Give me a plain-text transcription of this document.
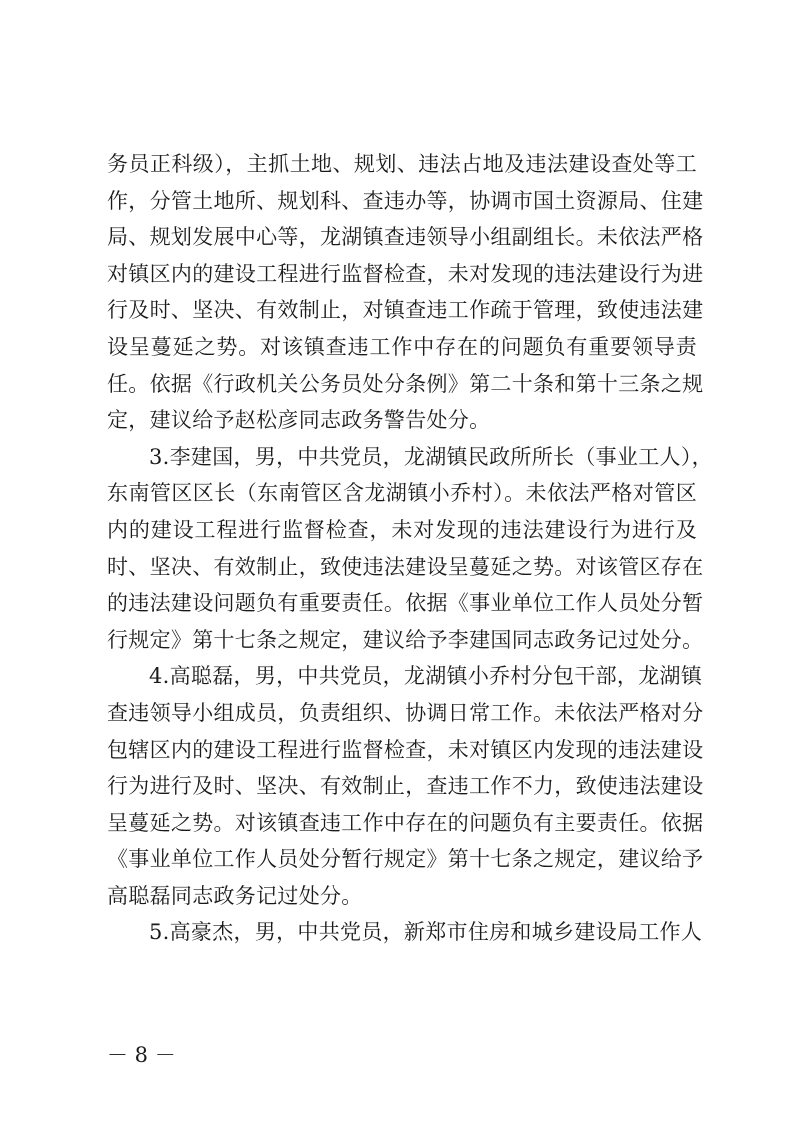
务员正科级），主抓土地、规划、违法占地及违法建设查处等工
作，分管土地所、规划科、查违办等，协调市国土资源局、住建
局、规划发展中心等，龙湖镇查违领导小组副组长。未依法严格
对镇区内的建设工程进行监督检查，未对发现的违法建设行为进
行及时、坚决、有效制止，对镇查违工作疏于管理，致使违法建
设呈蔓延之势。对该镇查违工作中存在的问题负有重要领导责
任。依据《行政机关公务员处分条例》第二十条和第十三条之规
定，建议给予赵松彦同志政务警告处分。
3.李建国，男，中共党员，龙湖镇民政所所长（事业工人），
东南管区区长（东南管区含龙湖镇小乔村）。未依法严格对管区
内的建设工程进行监督检查，未对发现的违法建设行为进行及
时、坚决、有效制止，致使违法建设呈蔓延之势。对该管区存在
的违法建设问题负有重要责任。依据《事业单位工作人员处分暂
行规定》第十七条之规定，建议给予李建国同志政务记过处分。
4.高聪磊，男，中共党员，龙湖镇小乔村分包干部，龙湖镇
查违领导小组成员，负责组织、协调日常工作。未依法严格对分
包辖区内的建设工程进行监督检查，未对镇区内发现的违法建设
行为进行及时、坚决、有效制止，查违工作不力，致使违法建设
呈蔓延之势。对该镇查违工作中存在的问题负有主要责任。依据
《事业单位工作人员处分暂行规定》第十七条之规定，建议给予
高聪磊同志政务记过处分。
5.高豪杰，男，中共党员，新郑市住房和城乡建设局工作人
－ 8 －
